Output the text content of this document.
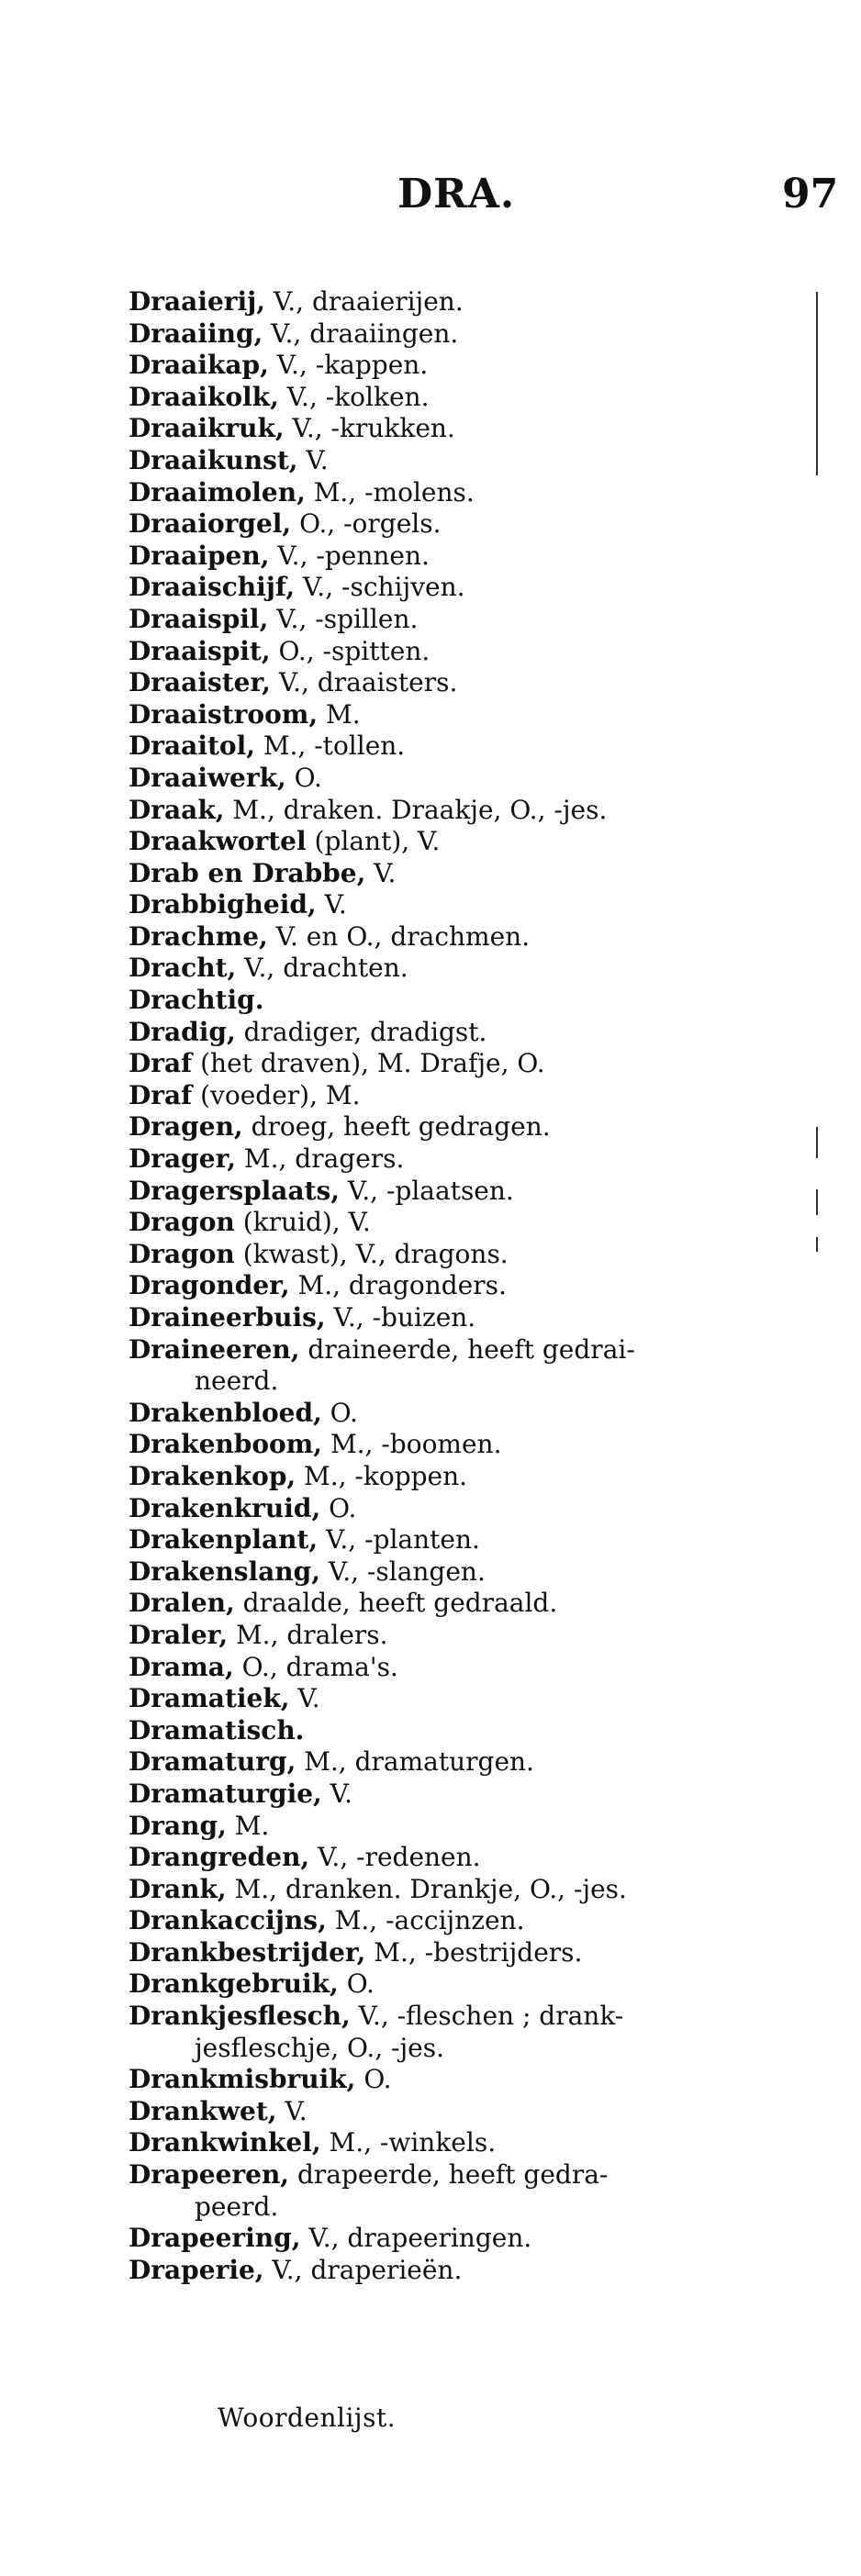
DRA.	97
Draaierij, V., draaierijen.
Draaiing, V., draaiingen.
Draaikap, V., -kappen.
Draaikolk, V., -kolken.
Draaikruk, V., -krukken.
Draaikunst, V.
Draaimolen, M., -molens.
Draaiorgel, O., -orgels.
Draaipen, V., -pennen.
Draaischijf, V., -schijven.
Draaispil, V., -spillen.
Draaispit, O., -spitten.
Draaister, V., draaisters.
Draaistroom, M.
Draaitol, M., -tollen.
Draaiwerk, O.
Draak, M., draken. Draakje, O., -jes.
Draakwortel (plant), V.
Drab en Drabbe, V.
Drabbigheid, V.
Drachme, V. en O., drachmen.
Dracht, V., drachten.
Drachtig.
Dradig, dradiger, dradigst.
Draf (het draven), M. Drafje, O.
Draf (voeder), M.
Dragen, droeg, heeft gedragen.
Drager, M., dragers.
Dragersplaats, V., -plaatsen.
Dragon (kruid), V.
Dragon (kwast), V., dragons.
Dragonder, M., dragonders.
Draineerbuis, V., -buizen.
Draineeren, draineerde, heeft gedrai-
neerd.
Drakenbloed, O.
Drakenboom, M., -boomen.
Drakenkop, M., -koppen.
Drakenkruid, O.
Drakenplant, V., -planten.
Drakenslang, V., -slangen.
Dralen, draalde, heeft gedraald.
Draler, M., dralers.
Drama, O., drama's.
Dramatiek, V.
Dramatisch.
Dramaturg, M., dramaturgen.
Dramaturgie, V.
Drang, M.
Drangreden, V., -redenen.
Drank, M., dranken. Drankje, O., -jes.
Drankaccijns, M., -accijnzen.
Drankbestrijder, M., -bestrijders.
Drankgebruik, O.
Drankjesflesch, V., -fleschen ; drank-
jesfleschje, O., -jes.
Drankmisbruik, O.
Drankwet, V.
Drankwinkel, M., -winkels.
Drapeeren, drapeerde, heeft gedra-
peerd.
Drapeering, V., drapeeringen.
Draperie, V., draperieën.
Woordenlijst.
